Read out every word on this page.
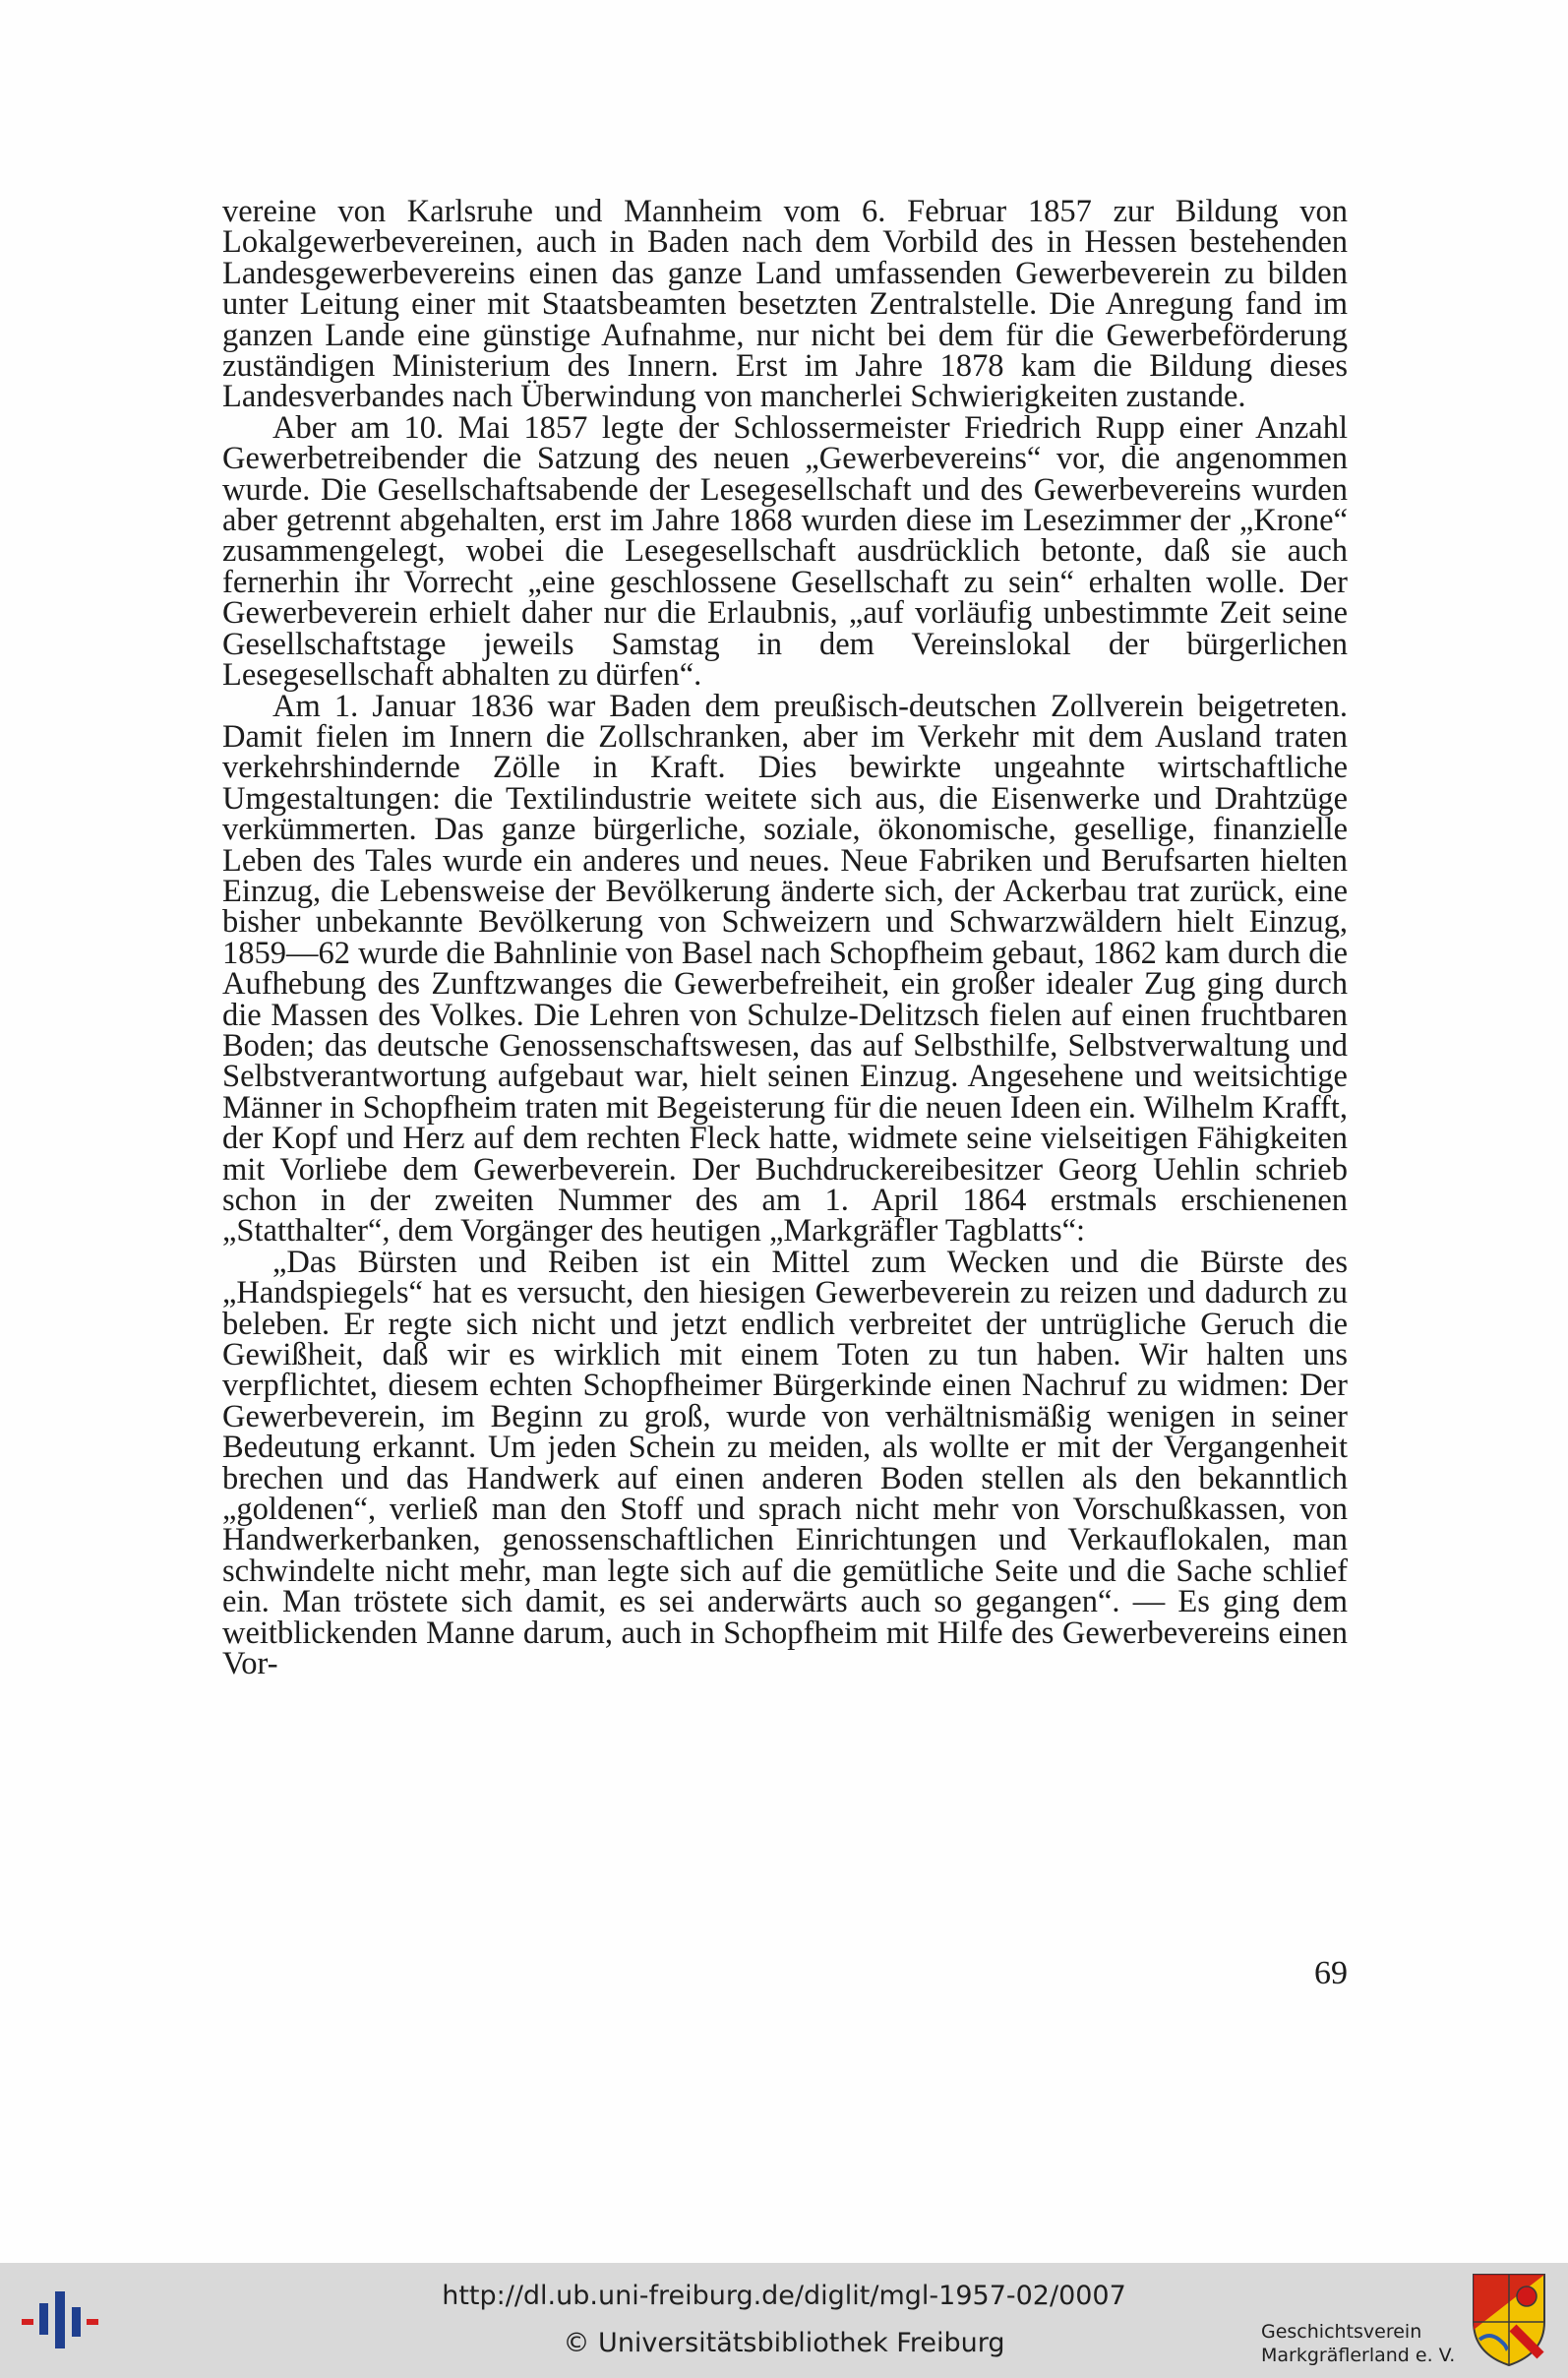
vereine von Karlsruhe und Mannheim vom 6. Februar 1857 zur Bildung von Lokalgewerbevereinen, auch in Baden nach dem Vorbild des in Hessen bestehenden Landesgewerbevereins einen das ganze Land umfassenden Gewerbeverein zu bilden unter Leitung einer mit Staatsbeamten besetzten Zentralstelle. Die Anregung fand im ganzen Lande eine günstige Aufnahme, nur nicht bei dem für die Gewerbeförderung zuständigen Ministerium des Innern. Erst im Jahre 1878 kam die Bildung dieses Landesverbandes nach Überwindung von mancherlei Schwierigkeiten zustande.

Aber am 10. Mai 1857 legte der Schlossermeister Friedrich Rupp einer Anzahl Gewerbetreibender die Satzung des neuen „Gewerbevereins“ vor, die angenommen wurde. Die Gesellschaftsabende der Lesegesellschaft und des Gewerbevereins wurden aber getrennt abgehalten, erst im Jahre 1868 wurden diese im Lesezimmer der „Krone“ zusammengelegt, wobei die Lesegesellschaft ausdrücklich betonte, daß sie auch fernerhin ihr Vorrecht „eine geschlossene Gesellschaft zu sein“ erhalten wolle. Der Gewerbeverein erhielt daher nur die Erlaubnis, „auf vorläufig unbestimmte Zeit seine Gesellschaftstage jeweils Samstag in dem Vereinslokal der bürgerlichen Lesegesellschaft abhalten zu dürfen“.

Am 1. Januar 1836 war Baden dem preußisch-deutschen Zollverein beigetreten. Damit fielen im Innern die Zollschranken, aber im Verkehr mit dem Ausland traten verkehrshindernde Zölle in Kraft. Dies bewirkte ungeahnte wirtschaftliche Umgestaltungen: die Textilindustrie weitete sich aus, die Eisenwerke und Drahtzüge verkümmerten. Das ganze bürgerliche, soziale, ökonomische, gesellige, finanzielle Leben des Tales wurde ein anderes und neues. Neue Fabriken und Berufsarten hielten Einzug, die Lebensweise der Bevölkerung änderte sich, der Ackerbau trat zurück, eine bisher unbekannte Bevölkerung von Schweizern und Schwarzwäldern hielt Einzug, 1859—62 wurde die Bahnlinie von Basel nach Schopfheim gebaut, 1862 kam durch die Aufhebung des Zunftzwanges die Gewerbefreiheit, ein großer idealer Zug ging durch die Massen des Volkes. Die Lehren von Schulze-Delitzsch fielen auf einen fruchtbaren Boden; das deutsche Genossenschaftswesen, das auf Selbsthilfe, Selbstverwaltung und Selbstverantwortung aufgebaut war, hielt seinen Einzug. Angesehene und weitsichtige Männer in Schopfheim traten mit Begeisterung für die neuen Ideen ein. Wilhelm Krafft, der Kopf und Herz auf dem rechten Fleck hatte, widmete seine vielseitigen Fähigkeiten mit Vorliebe dem Gewerbeverein. Der Buchdruckereibesitzer Georg Uehlin schrieb schon in der zweiten Nummer des am 1. April 1864 erstmals erschienenen „Statthalter“, dem Vorgänger des heutigen „Markgräfler Tagblatts“:

„Das Bürsten und Reiben ist ein Mittel zum Wecken und die Bürste des „Handspiegels“ hat es versucht, den hiesigen Gewerbeverein zu reizen und dadurch zu beleben. Er regte sich nicht und jetzt endlich verbreitet der untrügliche Geruch die Gewißheit, daß wir es wirklich mit einem Toten zu tun haben. Wir halten uns verpflichtet, diesem echten Schopfheimer Bürgerkinde einen Nachruf zu widmen: Der Gewerbeverein, im Beginn zu groß, wurde von verhältnismäßig wenigen in seiner Bedeutung erkannt. Um jeden Schein zu meiden, als wollte er mit der Vergangenheit brechen und das Handwerk auf einen anderen Boden stellen als den bekanntlich „goldenen“, verließ man den Stoff und sprach nicht mehr von Vorschußkassen, von Handwerkerbanken, genossenschaftlichen Einrichtungen und Verkauflokalen, man schwindelte nicht mehr, man legte sich auf die gemütliche Seite und die Sache schlief ein. Man tröstete sich damit, es sei anderwärts auch so gegangen“. — Es ging dem weitblickenden Manne darum, auch in Schopfheim mit Hilfe des Gewerbevereins einen Vor-

69
http://dl.ub.uni-freiburg.de/diglit/mgl-1957-02/0007
© Universitätsbibliothek Freiburg	Geschichtsverein
Markgräflerland e. V.
